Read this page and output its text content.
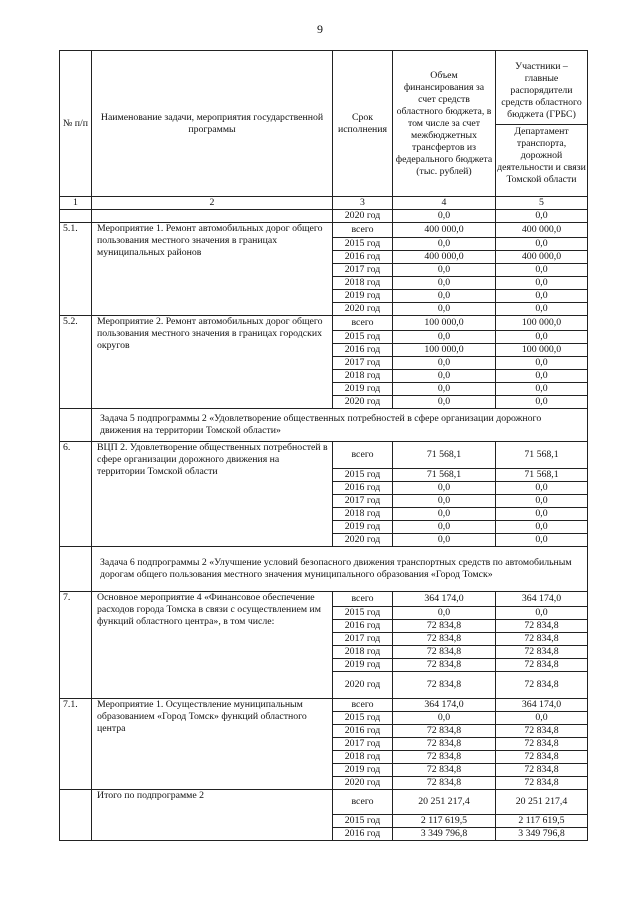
9
№ п/п	Наименование задачи, мероприятия государственной программы	Срок исполнения	Объем финансирования за счет средств областного бюджета, в том числе за счет межбюджетных трансфертов из федерального бюджета (тыс. рублей)	Участники – главные распорядители средств областного бюджета (ГРБС)
Департамент транспорта, дорожной деятельности и связи Томской области

1	2	3	4	5
		2020 год	0,0	0,0
5.1.	Мероприятие 1. Ремонт автомобильных дорог общего пользования местного значения в границах муниципальных районов	всего	400 000,0	400 000,0
		2015 год	0,0	0,0
		2016 год	400 000,0	400 000,0
		2017 год	0,0	0,0
		2018 год	0,0	0,0
		2019 год	0,0	0,0
		2020 год	0,0	0,0
5.2.	Мероприятие 2. Ремонт автомобильных дорог общего пользования местного значения в границах городских округов	всего	100 000,0	100 000,0
		2015 год	0,0	0,0
		2016 год	100 000,0	100 000,0
		2017 год	0,0	0,0
		2018 год	0,0	0,0
		2019 год	0,0	0,0
		2020 год	0,0	0,0
	Задача 5 подпрограммы 2 «Удовлетворение общественных потребностей в сфере организации дорожного движения на территории Томской области»			
6.	ВЦП 2. Удовлетворение общественных потребностей в сфере организации дорожного движения на территории Томской области	всего	71 568,1	71 568,1
		2015 год	71 568,1	71 568,1
		2016 год	0,0	0,0
		2017 год	0,0	0,0
		2018 год	0,0	0,0
		2019 год	0,0	0,0
		2020 год	0,0	0,0
	Задача 6 подпрограммы 2 «Улучшение условий безопасного движения транспортных средств по автомобильным дорогам общего пользования местного значения муниципального образования «Город Томск»			
7.	Основное мероприятие 4 «Финансовое обеспечение расходов города Томска в связи с осуществлением им функций областного центра», в том числе:	всего	364 174,0	364 174,0
		2015 год	0,0	0,0
		2016 год	72 834,8	72 834,8
		2017 год	72 834,8	72 834,8
		2018 год	72 834,8	72 834,8
		2019 год	72 834,8	72 834,8
		2020 год	72 834,8	72 834,8
7.1.	Мероприятие 1. Осуществление муниципальным образованием «Город Томск» функций областного центра	всего	364 174,0	364 174,0
		2015 год	0,0	0,0
		2016 год	72 834,8	72 834,8
		2017 год	72 834,8	72 834,8
		2018 год	72 834,8	72 834,8
		2019 год	72 834,8	72 834,8
		2020 год	72 834,8	72 834,8
	Итого по подпрограмме 2	всего	20 251 217,4	20 251 217,4
		2015 год	2 117 619,5	2 117 619,5
		2016 год	3 349 796,8	3 349 796,8
